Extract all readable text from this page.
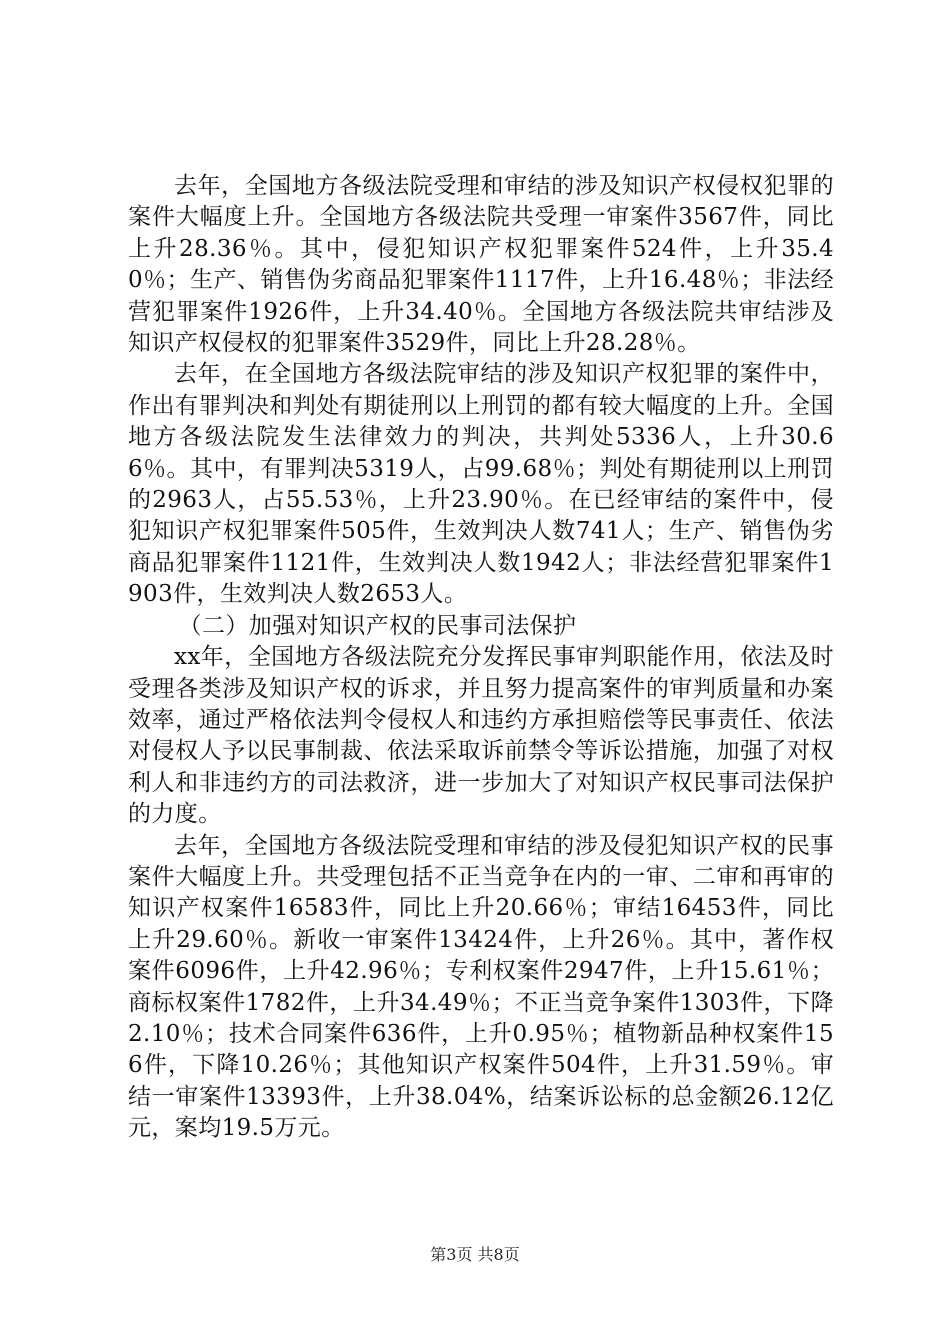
去年，全国地方各级法院受理和审结的涉及知识产权侵权犯罪的案件大幅度上升。全国地方各级法院共受理一审案件3567件，同比上升28.36％。其中，侵犯知识产权犯罪案件524件，上升35.40％；生产、销售伪劣商品犯罪案件1117件，上升16.48％；非法经营犯罪案件1926件，上升34.40％。全国地方各级法院共审结涉及知识产权侵权的犯罪案件3529件，同比上升28.28％。

去年，在全国地方各级法院审结的涉及知识产权犯罪的案件中，作出有罪判决和判处有期徒刑以上刑罚的都有较大幅度的上升。全国地方各级法院发生法律效力的判决，共判处5336人，上升30.66％。其中，有罪判决5319人，占99.68％；判处有期徒刑以上刑罚的2963人，占55.53％，上升23.90％。在已经审结的案件中，侵犯知识产权犯罪案件505件，生效判决人数741人；生产、销售伪劣商品犯罪案件1121件，生效判决人数1942人；非法经营犯罪案件1903件，生效判决人数2653人。

（二）加强对知识产权的民事司法保护

xx年，全国地方各级法院充分发挥民事审判职能作用，依法及时受理各类涉及知识产权的诉求，并且努力提高案件的审判质量和办案效率，通过严格依法判令侵权人和违约方承担赔偿等民事责任、依法对侵权人予以民事制裁、依法采取诉前禁令等诉讼措施，加强了对权利人和非违约方的司法救济，进一步加大了对知识产权民事司法保护的力度。

去年，全国地方各级法院受理和审结的涉及侵犯知识产权的民事案件大幅度上升。共受理包括不正当竞争在内的一审、二审和再审的知识产权案件16583件，同比上升20.66％；审结16453件，同比上升29.60％。新收一审案件13424件，上升26％。其中，著作权案件6096件，上升42.96％；专利权案件2947件，上升15.61％；商标权案件1782件，上升34.49％；不正当竞争案件1303件，下降2.10％；技术合同案件636件，上升0.95％；植物新品种权案件156件，下降10.26％；其他知识产权案件504件，上升31.59％。审结一审案件13393件，上升38.04%，结案诉讼标的总金额26.12亿元，案均19.5万元。

第3页 共8页
